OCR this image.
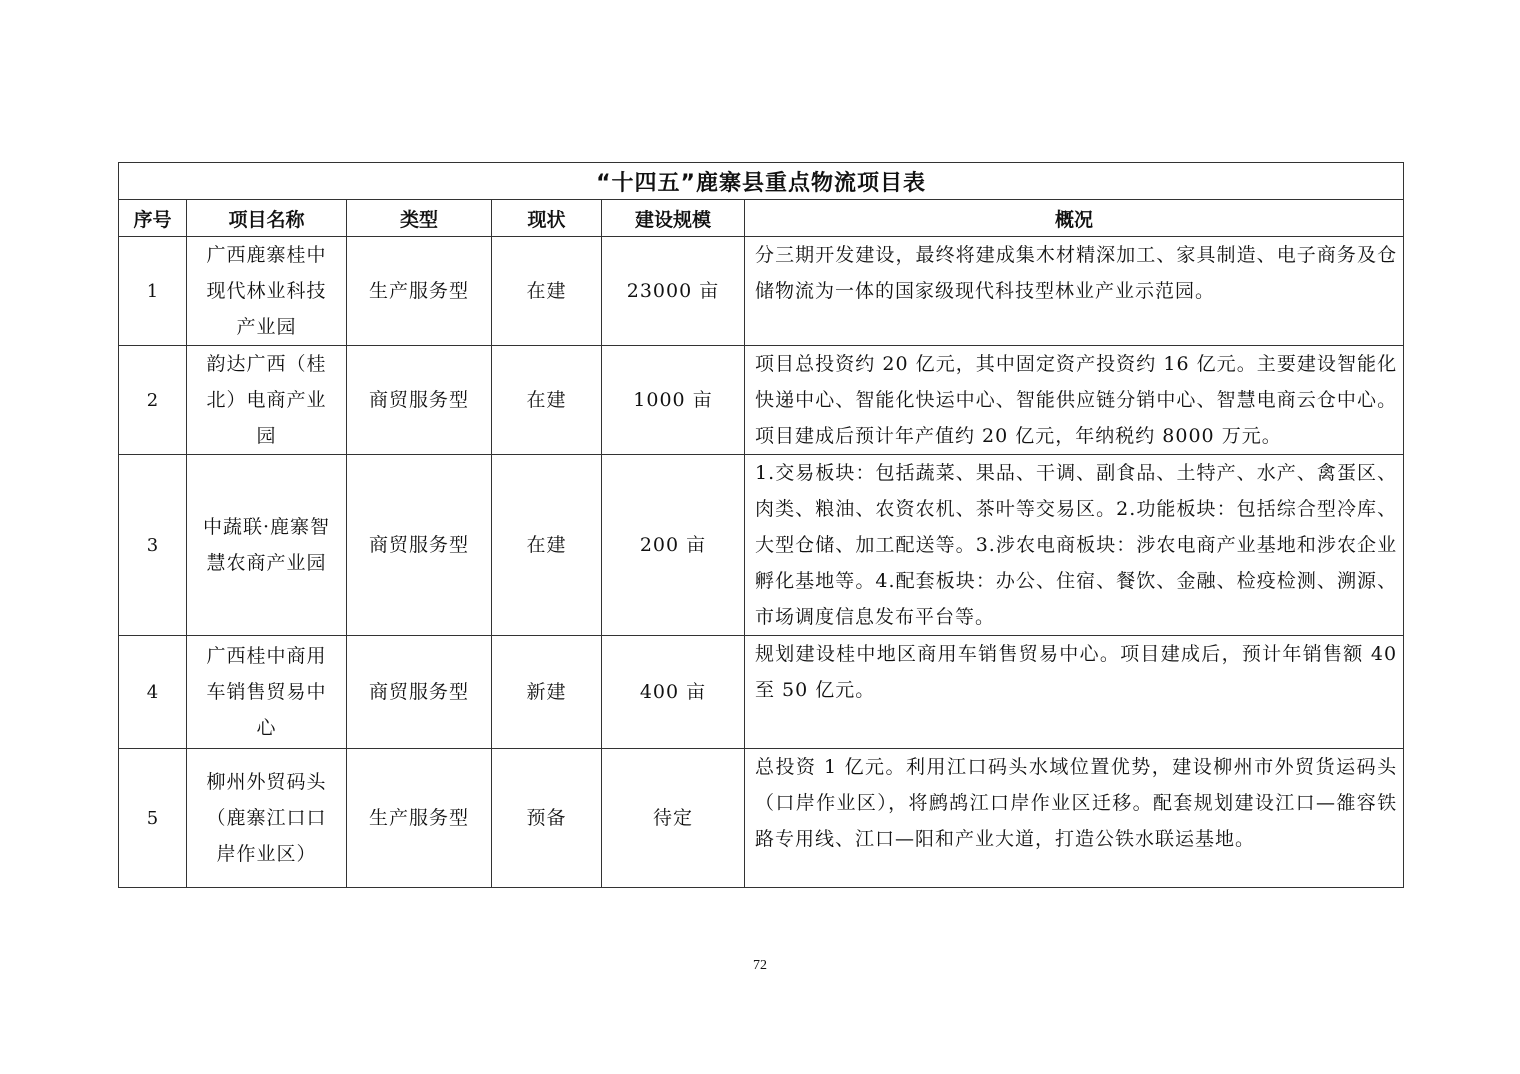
“十四五”鹿寨县重点物流项目表					
序号	项目名称	类型	现状	建设规模	概况
1	广西鹿寨桂中现代林业科技产业园	生产服务型	在建	23000 亩	分三期开发建设，最终将建成集木材精深加工、家具制造、电子商务及仓储物流为一体的国家级现代科技型林业产业示范园。
2	韵达广西（桂北）电商产业园	商贸服务型	在建	1000 亩	项目总投资约 20 亿元，其中固定资产投资约 16 亿元。主要建设智能化快递中心、智能化快运中心、智能供应链分销中心、智慧电商云仓中心。项目建成后预计年产值约 20 亿元，年纳税约 8000 万元。
3	中蔬联·鹿寨智慧农商产业园	商贸服务型	在建	200 亩	1.交易板块：包括蔬菜、果品、干调、副食品、土特产、水产、禽蛋区、肉类、粮油、农资农机、茶叶等交易区。2.功能板块：包括综合型冷库、大型仓储、加工配送等。3.涉农电商板块：涉农电商产业基地和涉农企业孵化基地等。4.配套板块：办公、住宿、餐饮、金融、检疫检测、溯源、市场调度信息发布平台等。
4	广西桂中商用车销售贸易中心	商贸服务型	新建	400 亩	规划建设桂中地区商用车销售贸易中心。项目建成后，预计年销售额 40 至 50 亿元。
5	柳州外贸码头（鹿寨江口口岸作业区）	生产服务型	预备	待定	总投资 1 亿元。利用江口码头水域位置优势，建设柳州市外贸货运码头（口岸作业区），将鹧鸪江口岸作业区迁移。配套规划建设江口—雒容铁路专用线、江口—阳和产业大道，打造公铁水联运基地。
72
